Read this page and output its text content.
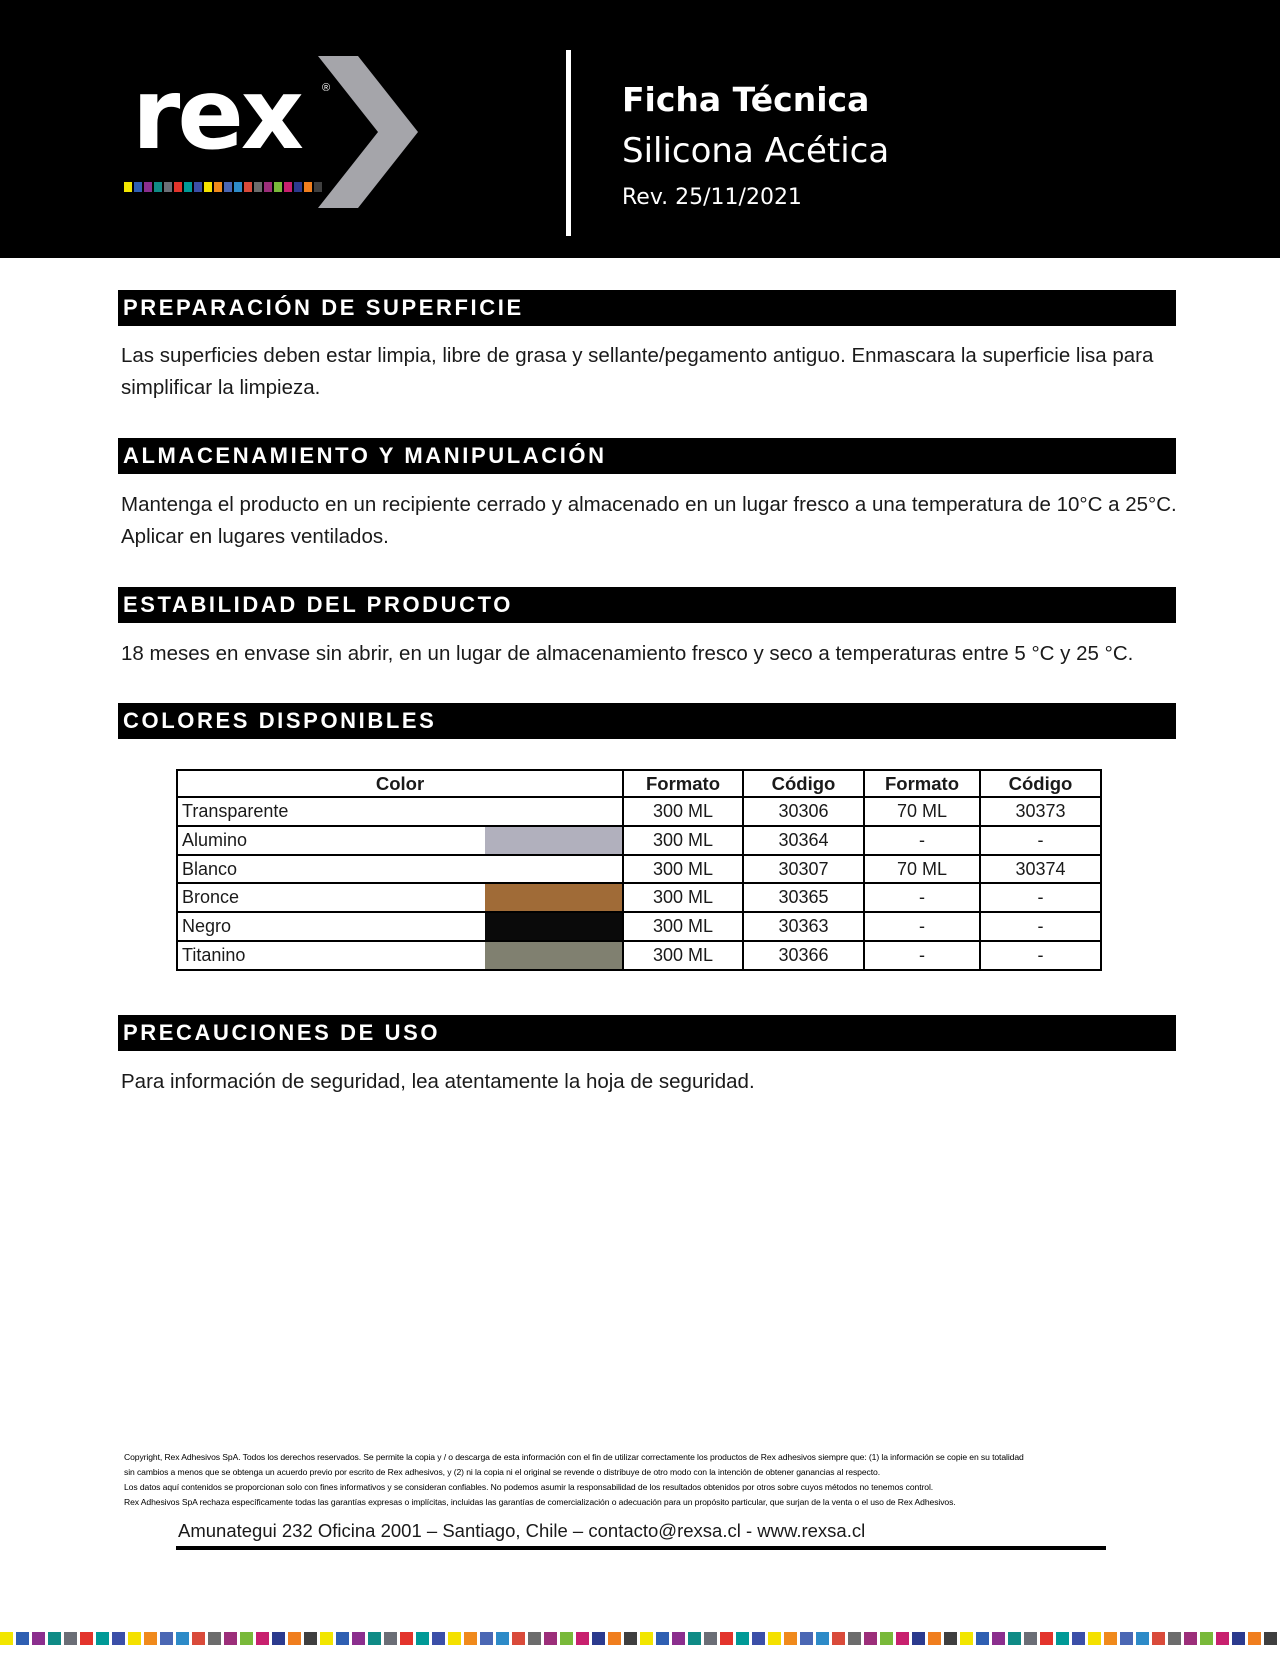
rex ®	Ficha Técnica
Silicona Acética
Rev. 25/11/2021
PREPARACIÓN DE SUPERFICIE
Las superficies deben estar limpia, libre de grasa y sellante/pegamento antiguo. Enmascara la superficie lisa para simplificar la limpieza.
ALMACENAMIENTO Y MANIPULACIÓN
Mantenga el producto en un recipiente cerrado y almacenado en un lugar fresco a una temperatura de 10°C a 25°C. Aplicar en lugares ventilados.
ESTABILIDAD DEL PRODUCTO
18 meses en envase sin abrir, en un lugar de almacenamiento fresco y seco a temperaturas entre 5 °C y 25 °C.
COLORES DISPONIBLES
Color		Formato	Código	Formato	Código
Transparente		300 ML	30306	70 ML	30373
Alumino		300 ML	30364	-	-
Blanco		300 ML	30307	70 ML	30374
Bronce		300 ML	30365	-	-
Negro		300 ML	30363	-	-
Titanino		300 ML	30366	-	-
PRECAUCIONES DE USO
Para información de seguridad, lea atentamente la hoja de seguridad.

Copyright, Rex Adhesivos SpA. Todos los derechos reservados. Se permite la copia y / o descarga de esta información con el fin de utilizar correctamente los productos de Rex adhesivos siempre que: (1) la información se copie en su totalidad

sin cambios a menos que se obtenga un acuerdo previo por escrito de Rex adhesivos, y (2) ni la copia ni el original se revende o distribuye de otro modo con la intención de obtener ganancias al respecto.

Los datos aquí contenidos se proporcionan solo con fines informativos y se consideran confiables. No podemos asumir la responsabilidad de los resultados obtenidos por otros sobre cuyos métodos no tenemos control.

Rex Adhesivos SpA rechaza específicamente todas las garantías expresas o implícitas, incluidas las garantías de comercialización o adecuación para un propósito particular, que surjan de la venta o el uso de Rex Adhesivos.

Amunategui 232 Oficina 2001 – Santiago, Chile – contacto@rexsa.cl - www.rexsa.cl
